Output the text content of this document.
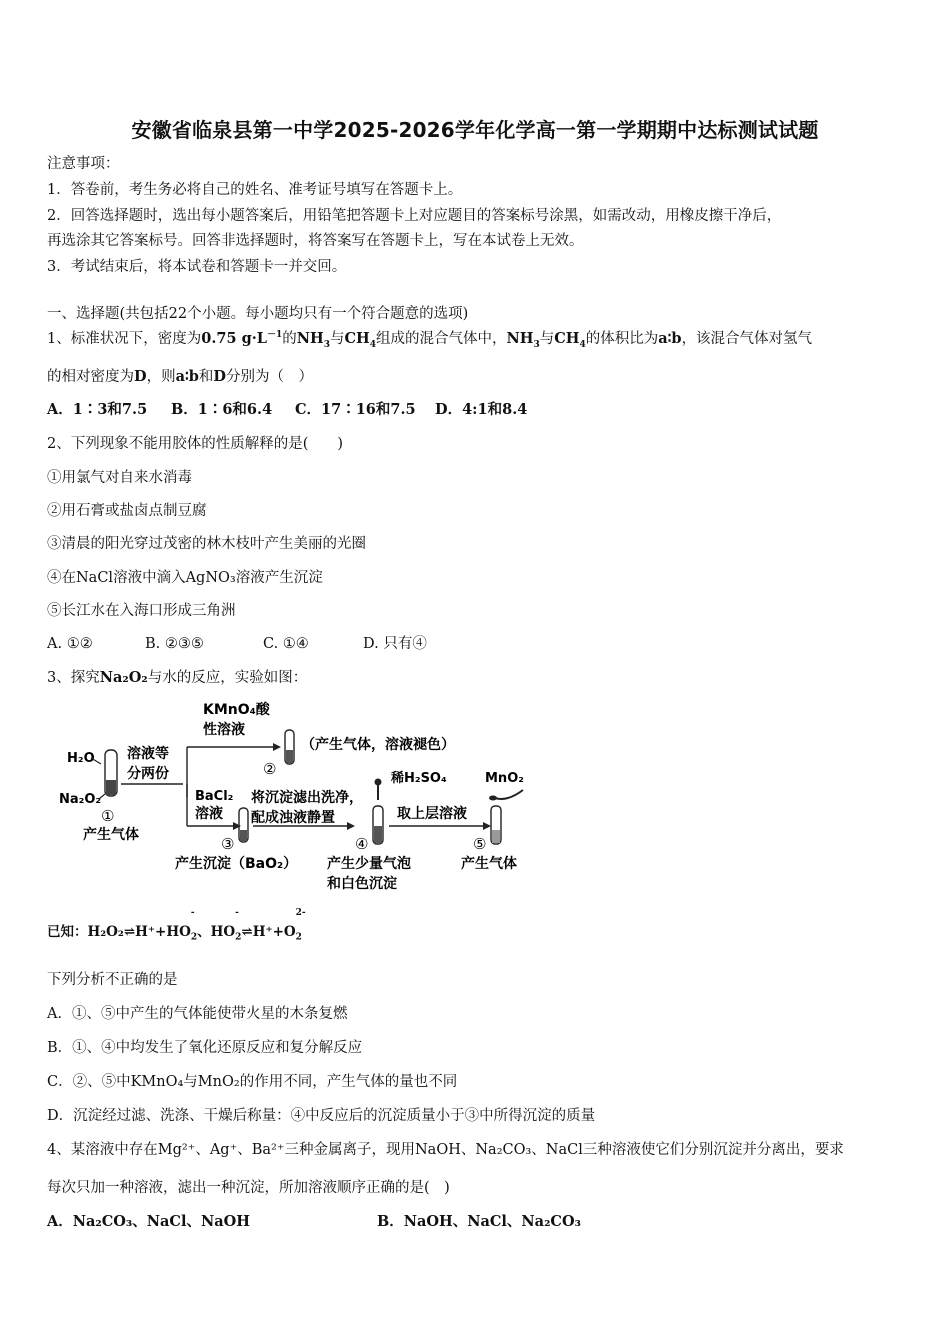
安徽省临泉县第一中学2025-2026学年化学高一第一学期期中达标测试试题
注意事项：
1．答卷前，考生务必将自己的姓名、准考证号填写在答题卡上。
2．回答选择题时，选出每小题答案后，用铅笔把答题卡上对应题目的答案标号涂黑，如需改动，用橡皮擦干净后，
再选涂其它答案标号。回答非选择题时，将答案写在答题卡上，写在本试卷上无效。
3．考试结束后，将本试卷和答题卡一并交回。
一、选择题(共包括22个小题。每小题均只有一个符合题意的选项)
1、标准状况下，密度为0.75 $g\cdot L^{-1}$的$NH_3$与$CH_4$组成的混合气体中，$NH_3$与$CH_4$的体积比为a∶b，该混合气体对氢气
的相对密度为D，则a∶b和D分别为（　）
A．1∶3和7.5 B．1∶6和6.4 C．17∶16和7.5 D．4:1和8.4
2、下列现象不能用胶体的性质解释的是(　　)
①用氯气对自来水消毒
②用石膏或盐卤点制豆腐
③清晨的阳光穿过茂密的林木枝叶产生美丽的光圈
④在NaCl溶液中滴入AgNO₃溶液产生沉淀
⑤长江水在入海口形成三角洲
A. ①②	B. ②③⑤	C. ①④	D. 只有④
3、探究Na₂O₂与水的反应，实验如图：
KMnO₄酸
性溶液
②
（产生气体，溶液褪色）
H₂O
Na₂O₂
①
产生气体
溶液等
分两份
BaCl₂
溶液
③
产生沉淀（BaO₂）
将沉淀滤出洗净，
配成浊液静置
稀H₂SO₄
④
产生少量气泡
和白色沉淀
取上层溶液
MnO₂
⑤
产生气体
已知：H₂O₂⇌H⁺+HO
-
$_2$、HO
-
$_2$⇌H⁺+O
2-
$_2$
下列分析不正确的是
A．①、⑤中产生的气体能使带火星的木条复燃
B．①、④中均发生了氧化还原反应和复分解反应
C．②、⑤中KMnO₄与MnO₂的作用不同，产生气体的量也不同
D．沉淀经过滤、洗涤、干燥后称量：④中反应后的沉淀质量小于③中所得沉淀的质量
4、某溶液中存在Mg²⁺、Ag⁺、Ba²⁺三种金属离子，现用NaOH、Na₂CO₃、NaCl三种溶液使它们分别沉淀并分离出，要求
每次只加一种溶液，滤出一种沉淀，所加溶液顺序正确的是(　)
A．Na₂CO₃、NaCl、NaOH	B．NaOH、NaCl、Na₂CO₃
